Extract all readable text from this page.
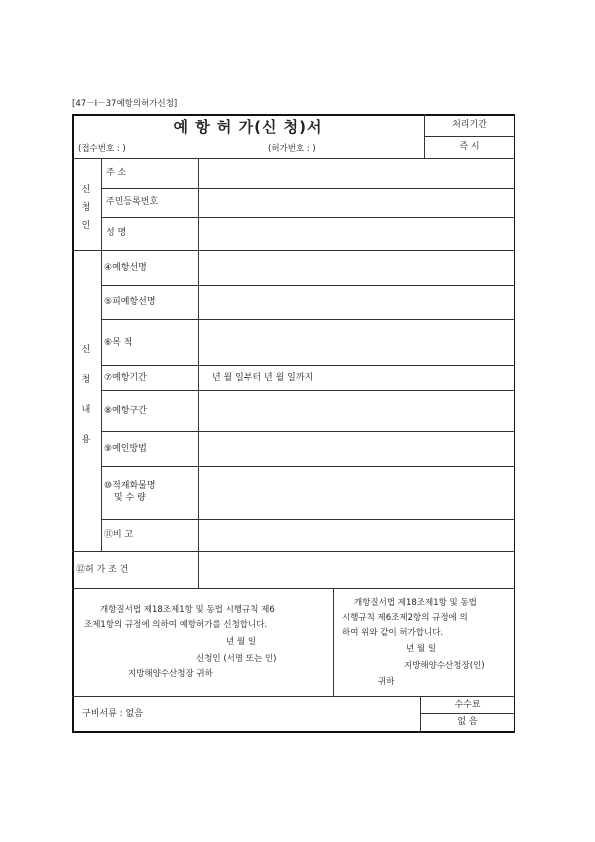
[47－Ⅰ－37예항의허가신청]
예 항 허 가(신 청)서	처리기간
즉 시
(접수번호 : )	(허가번호 : )
신
청
인
주 소
주민등록번호
성 명
신
청
내
용
④예항선명
⑤피예항선명
⑥목 적
⑦예항기간	년 월 일부터 년 월 일까지
⑧예항구간
⑨예인방법
⑩적재화물명
및 수 량
⑪비 고
⑫허 가 조 건
개항질서법 제18조제1항 및 동법 시행규칙 제6
조제1항의 규정에 의하여 예항허가를 신청합니다.
년 월 일
신청인 (서명 또는 인)
지방해양수산청장 귀하
개항질서법 제18조제1항 및 동법
시행규칙 제6조제2항의 규정에 의
하여 위와 같이 허가합니다.
년 월 일
지방해양수산청장(인)
귀하
구비서류 : 없음
수수료
없 음
